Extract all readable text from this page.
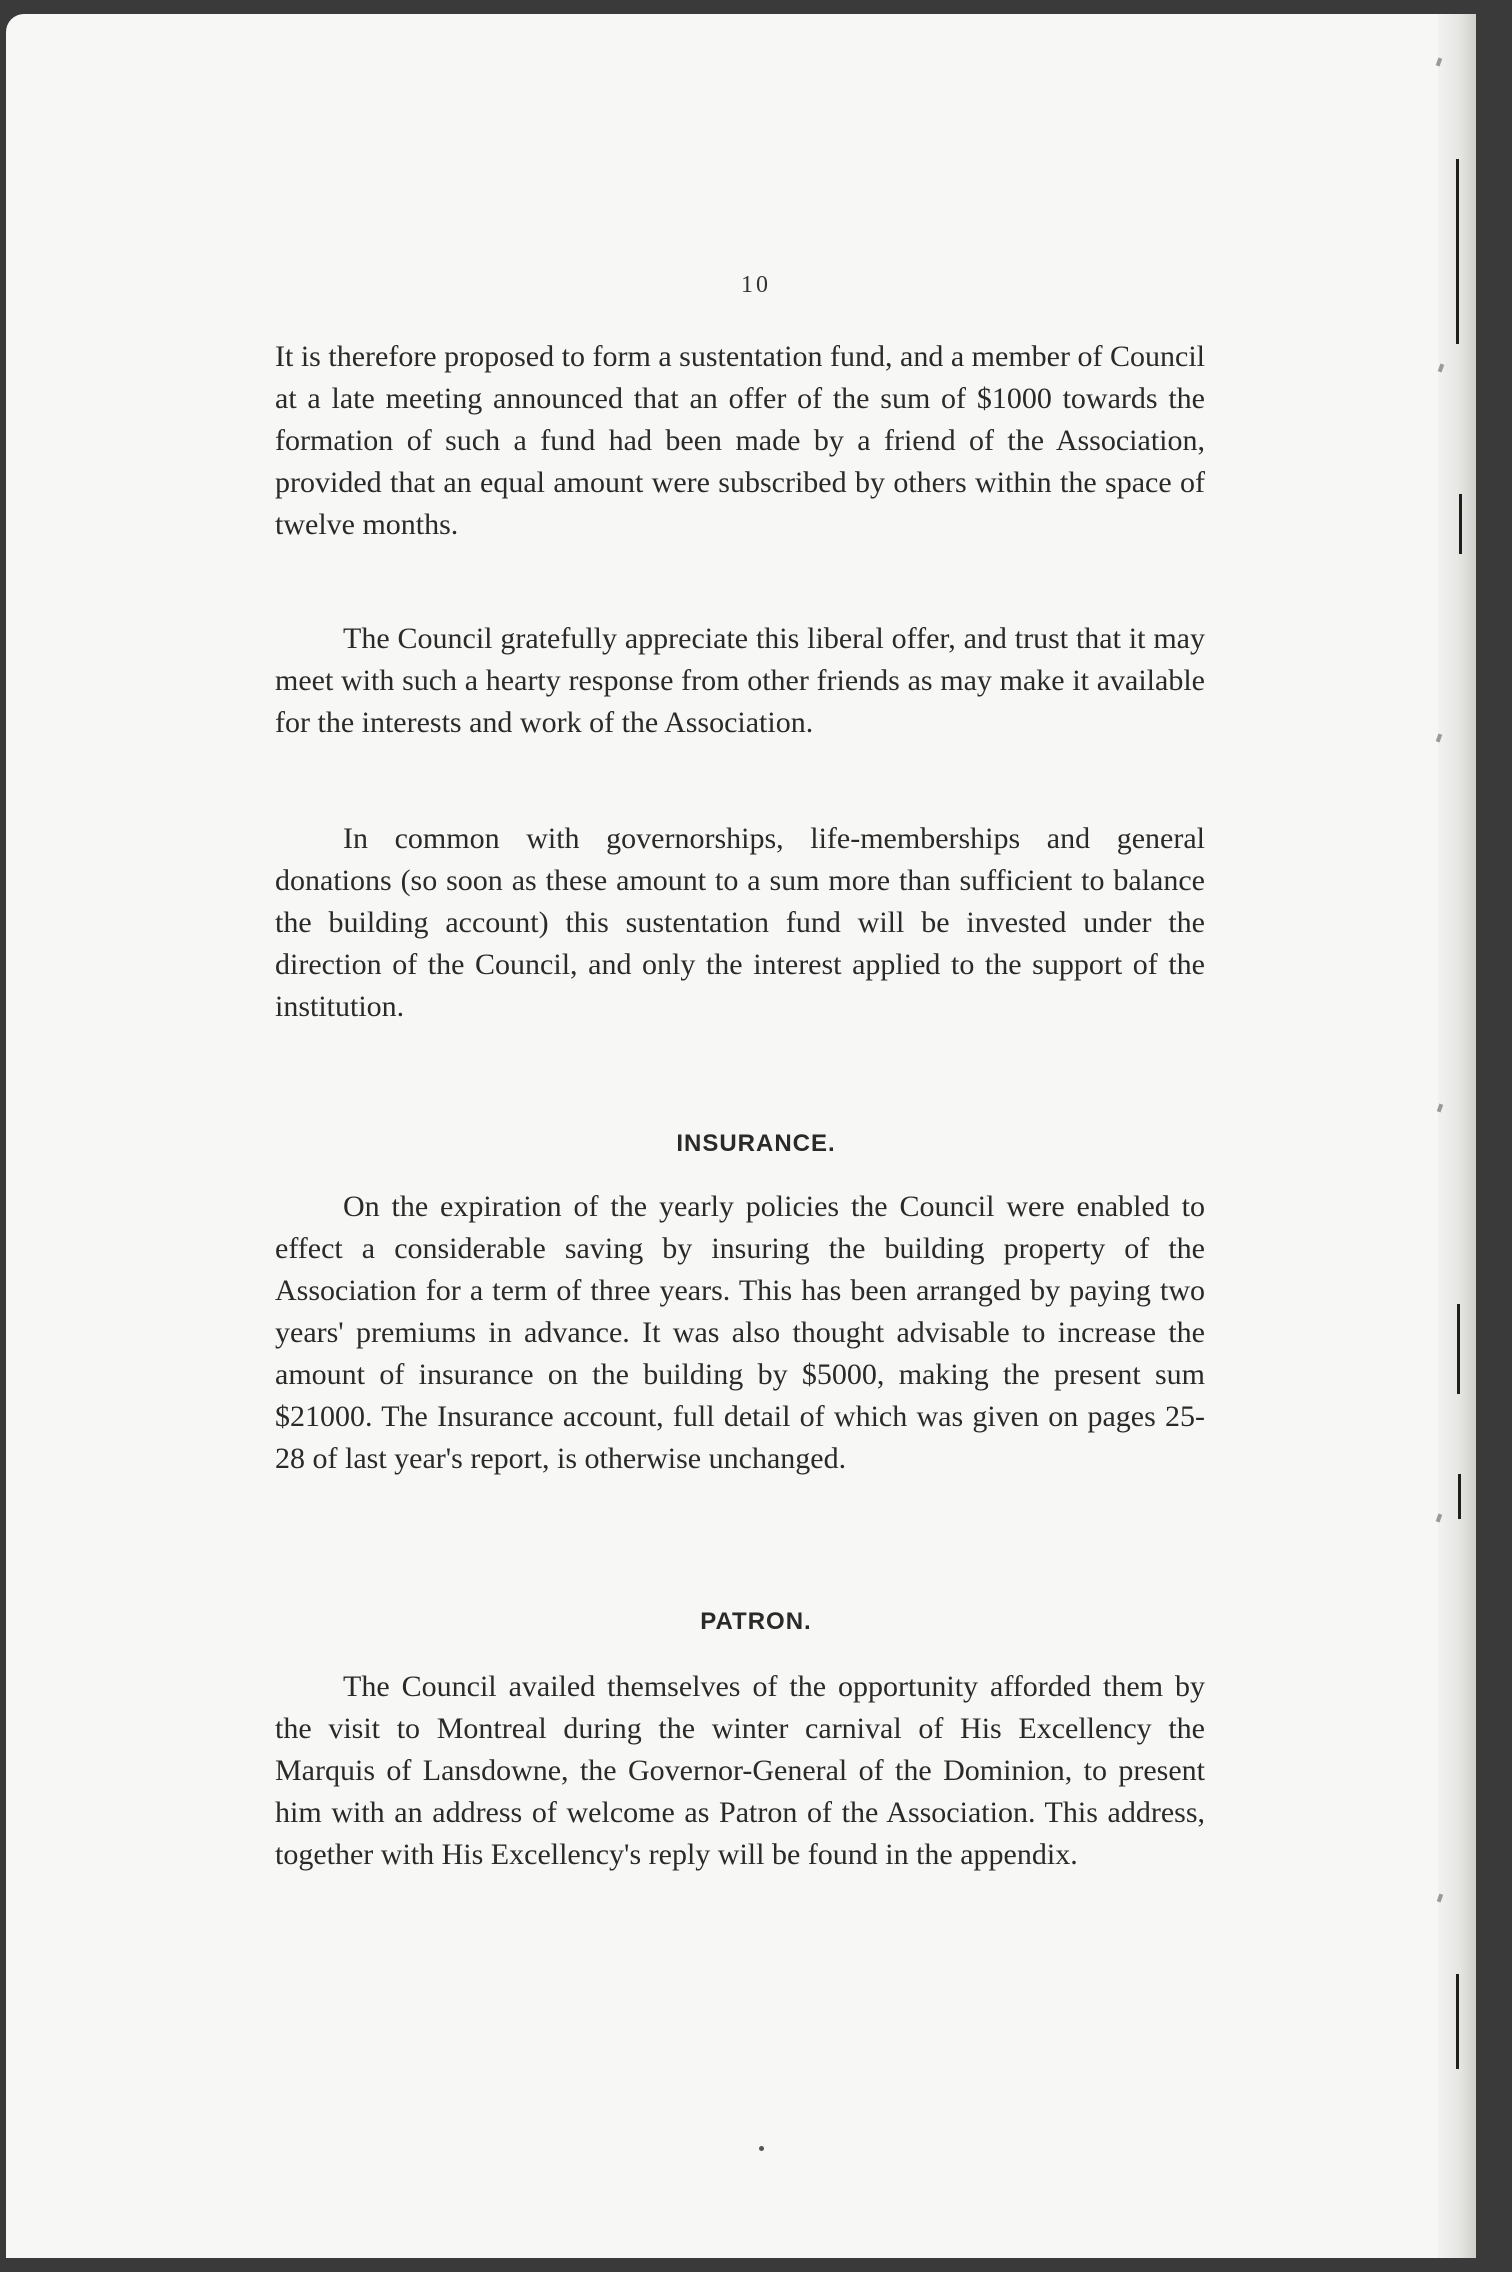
10

It is therefore proposed to form a sustentation fund, and a member of Council at a late meeting announced that an offer of the sum of $1000 towards the formation of such a fund had been made by a friend of the Association, provided that an equal amount were subscribed by others within the space of twelve months.

The Council gratefully appreciate this liberal offer, and trust that it may meet with such a hearty response from other friends as may make it available for the interests and work of the Association.

In common with governorships, life-memberships and general donations (so soon as these amount to a sum more than sufficient to balance the building account) this sustentation fund will be invested under the direction of the Council, and only the interest applied to the support of the institution.

INSURANCE.

On the expiration of the yearly policies the Council were enabled to effect a considerable saving by insuring the building property of the Association for a term of three years. This has been arranged by paying two years' premiums in advance. It was also thought advisable to increase the amount of insurance on the building by $5000, making the present sum $21000. The Insurance account, full detail of which was given on pages 25-28 of last year's report, is otherwise unchanged.

PATRON.

The Council availed themselves of the opportunity afforded them by the visit to Montreal during the winter carnival of His Excellency the Marquis of Lansdowne, the Governor-General of the Dominion, to present him with an address of welcome as Patron of the Association. This address, together with His Excellency's reply will be found in the appendix.
